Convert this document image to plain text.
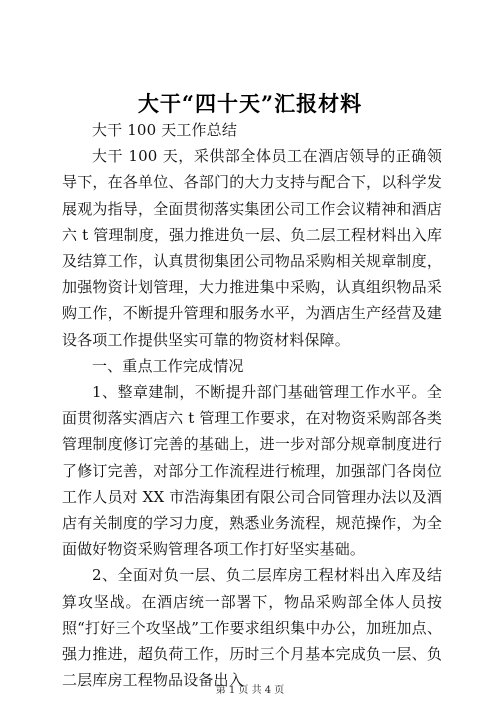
大干“四十天”汇报材料

大干 100 天工作总结

大干 100 天，采供部全体员工在酒店领导的正确领导下，在各单位、各部门的大力支持与配合下，以科学发展观为指导，全面贯彻落实集团公司工作会议精神和酒店六 t 管理制度，强力推进负一层、负二层工程材料出入库及结算工作，认真贯彻集团公司物品采购相关规章制度，加强物资计划管理，大力推进集中采购，认真组织物品采购工作，不断提升管理和服务水平，为酒店生产经营及建设各项工作提供坚实可靠的物资材料保障。

一、重点工作完成情况

1、整章建制，不断提升部门基础管理工作水平。全面贯彻落实酒店六 t 管理工作要求，在对物资采购部各类管理制度修订完善的基础上，进一步对部分规章制度进行了修订完善，对部分工作流程进行梳理，加强部门各岗位工作人员对 XX 市浩海集团有限公司合同管理办法以及酒店有关制度的学习力度，熟悉业务流程，规范操作，为全面做好物资采购管理各项工作打好坚实基础。

2、全面对负一层、负二层库房工程材料出入库及结算攻坚战。在酒店统一部署下，物品采购部全体人员按照“打好三个攻坚战”工作要求组织集中办公，加班加点、强力推进，超负荷工作，历时三个月基本完成负一层、负二层库房工程物品设备出入

第 1 页 共 4 页
